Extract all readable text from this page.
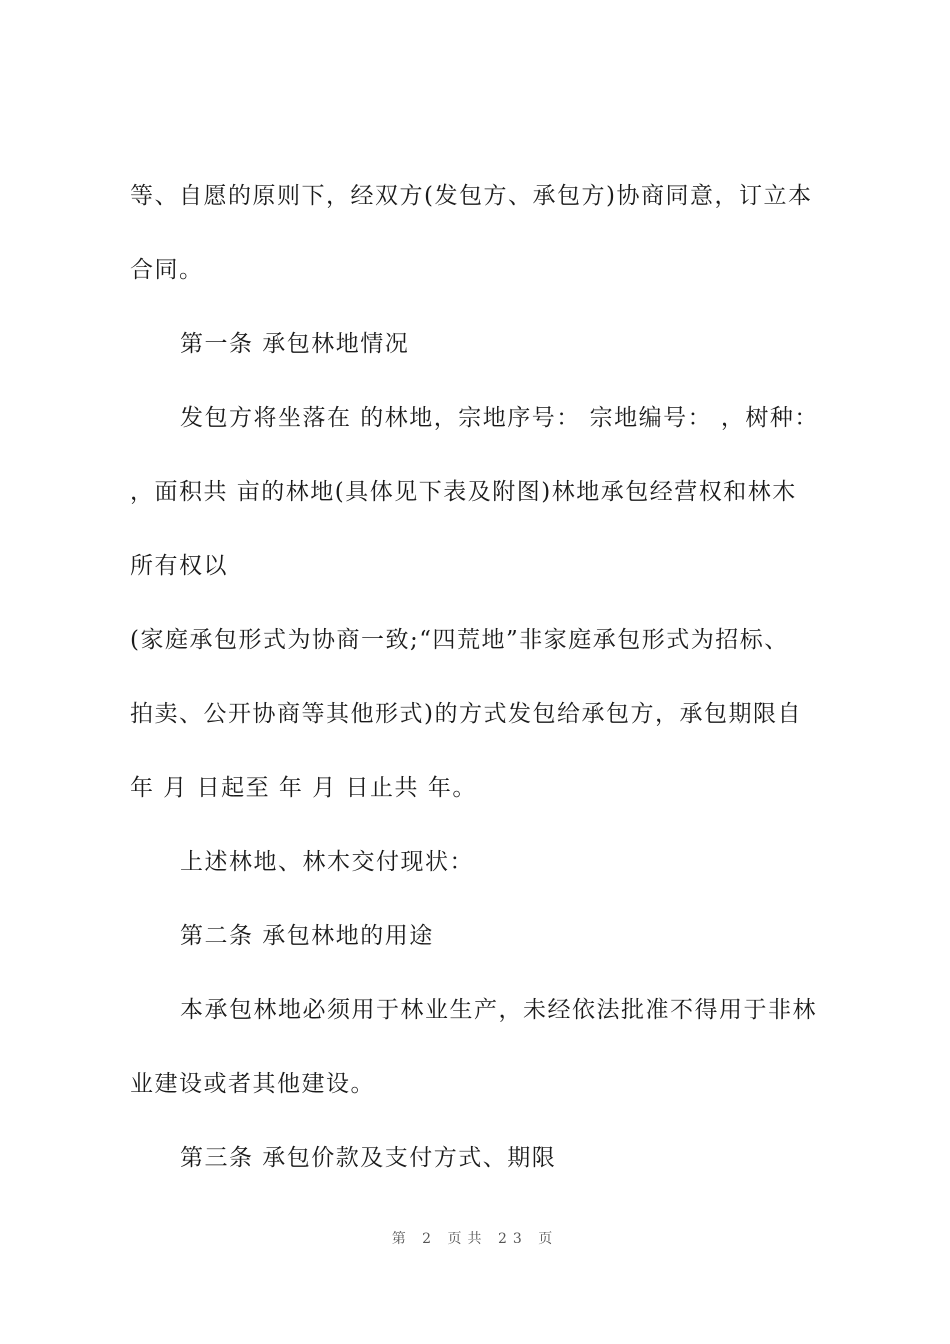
等、自愿的原则下，经双方(发包方、承包方)协商同意，订立本
合同。
第一条 承包林地情况
发包方将坐落在 的林地，宗地序号： 宗地编号： ，树种：
，面积共 亩的林地(具体见下表及附图)林地承包经营权和林木
所有权以
(家庭承包形式为协商一致;“四荒地”非家庭承包形式为招标、
拍卖、公开协商等其他形式)的方式发包给承包方，承包期限自
年 月 日起至 年 月 日止共 年。
上述林地、林木交付现状：
第二条 承包林地的用途
本承包林地必须用于林业生产，未经依法批准不得用于非林
业建设或者其他建设。
第三条 承包价款及支付方式、期限
第 2 页共 23 页
